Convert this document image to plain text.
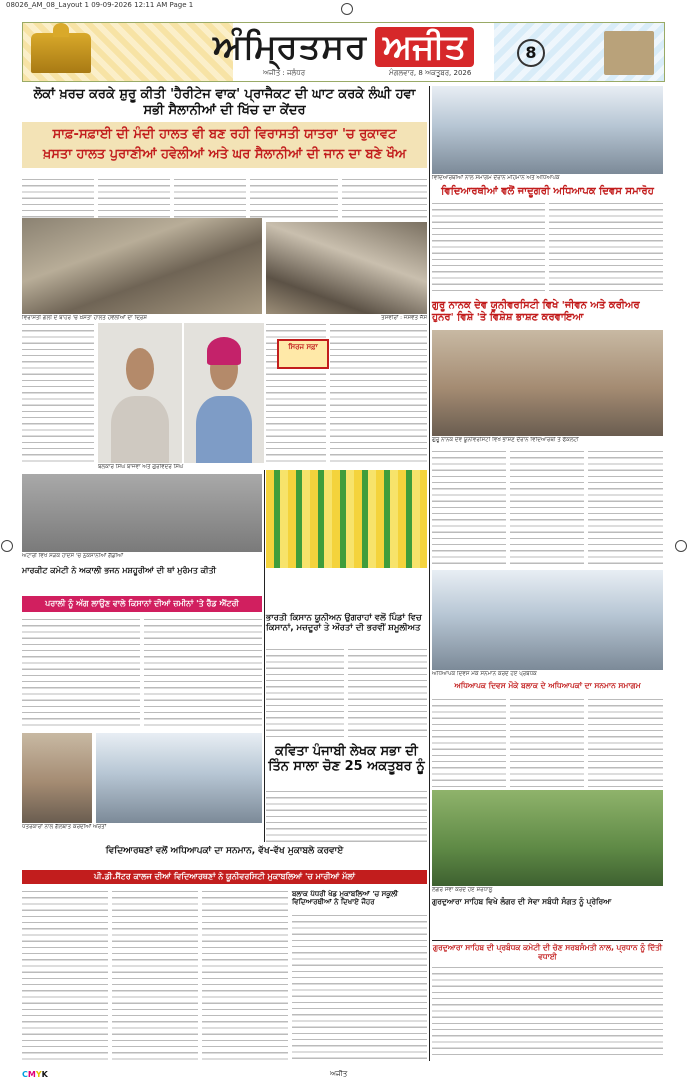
08026_AM_08_Layout 1 09-09-2026 12:11 AM Page 1
ਅੰਮ੍ਰਿਤਸਰ ਅਜੀਤ	8
ਅਜੀਤ : ਜਲੰਧਰ	ਮੰਗਲਵਾਰ, 8 ਅਕਤੂਬਰ, 2026
ਲੋਕਾਂ ਖ਼ਰਚ ਕਰਕੇ ਸ਼ੁਰੂ ਕੀਤੀ 'ਹੈਰੀਟੇਜ ਵਾਕ' ਪ੍ਰਾਜੈਕਟ ਦੀ ਘਾਟ ਕਰਕੇ ਲੰਘੀ ਹਵਾ ਸਭੀ ਸੈਲਾਨੀਆਂ ਦੀ ਖਿੱਚ ਦਾ ਕੇਂਦਰ
ਸਾਫ਼-ਸਫ਼ਾਈ ਦੀ ਮੰਦੀ ਹਾਲਤ ਵੀ ਬਣ ਰਹੀ ਵਿਰਾਸਤੀ ਯਾਤਰਾ 'ਚ ਰੁਕਾਵਟ
ਖ਼ਸਤਾ ਹਾਲਤ ਪੁਰਾਣੀਆਂ ਹਵੇਲੀਆਂ ਅਤੇ ਘਰ ਸੈਲਾਨੀਆਂ ਦੀ ਜਾਨ ਦਾ ਬਣੇ ਖੌਅ
ਵਿਰਾਸਤੀ ਗਲੀ ਦੇ ਬਾਹਰ 'ਚ ਖ਼ਸਤਾ ਹਾਲਤ ਹਵੇਲੀਆਂ ਦਾ ਦ੍ਰਿਸ਼	ਤਸਵੀਰਾਂ : ਜਸਵੰਤ ਜੱਸ
ਬਲਕਾਰ ਸਿੰਘ ਬਾਜਵਾ ਅਤੇ ਗੁਰਵਿੰਦਰ ਸਿੰਘ
ਸਿਰਜ ਸਫ਼ਾ
ਅਟਾਰੀ ਵਿਖੇ ਸੜਕ ਹਾਦਸੇ 'ਚ ਨੁਕਸਾਨੀਆਂ ਗੱਡੀਆਂ
ਮਾਰਕੀਟ ਕਮੇਟੀ ਨੇ ਅਕਾਲੀ ਭਜਨ ਮਸ਼ਹੂਰੀਆਂ ਦੀ ਥਾਂ ਮੁਰੰਮਤ ਕੀਤੀ
ਪਰਾਲੀ ਨੂੰ ਅੱਗ ਲਾਉਣ ਵਾਲੇ ਕਿਸਾਨਾਂ ਦੀਆਂ ਜ਼ਮੀਨਾਂ 'ਤੇ ਰੈੱਡ ਐਂਟਰੀ
ਭਾਰਤੀ ਕਿਸਾਨ ਯੂਨੀਅਨ ਉਗਰਾਹਾਂ ਵਲੋਂ ਪਿੰਡਾਂ ਵਿਚ ਕਿਸਾਨਾਂ, ਮਜ਼ਦੂਰਾਂ ਤੇ ਔਰਤਾਂ ਦੀ ਭਰਵੀਂ ਸ਼ਮੂਲੀਅਤ
ਪੱਤਰਕਾਰਾਂ ਨਾਲ ਗੱਲਬਾਤ ਕਰਦੀਆਂ ਔਰਤਾਂ
ਕਵਿਤਾ ਪੰਜਾਬੀ ਲੇਖਕ ਸਭਾ ਦੀ ਤਿੰਨ ਸਾਲਾ ਚੋਣ 25 ਅਕਤੂਬਰ ਨੂੰ
ਵਿਦਿਆਰਥਣਾਂ ਵਲੋਂ ਅਧਿਆਪਕਾਂ ਦਾ ਸਨਮਾਨ, ਵੱਖ-ਵੱਖ ਮੁਕਾਬਲੇ ਕਰਵਾਏ
ਪੀ.ਡੀ.ਸੈਂਟਰ ਕਾਲਜ ਦੀਆਂ ਵਿਦਿਆਰਥਣਾਂ ਨੇ ਯੂਨੀਵਰਸਿਟੀ ਮੁਕਾਬਲਿਆਂ 'ਚ ਮਾਰੀਆਂ ਮੱਲਾਂ
ਬਲਾਕ ਪੱਧਰੀ ਖੇਡ ਮੁਕਾਬਲਿਆਂ 'ਚ ਸਕੂਲੀ ਵਿਦਿਆਰਥੀਆਂ ਨੇ ਦਿਖਾਏ ਜੌਹਰ
ਵਿਦਿਆਰਥੀਆਂ ਨਾਲ ਸਮਾਗਮ ਦੌਰਾਨ ਮਹਿਮਾਨ ਅਤੇ ਅਧਿਆਪਕ
ਵਿਦਿਆਰਥੀਆਂ ਵਲੋਂ ਜਾਦੂਗਰੀ ਅਧਿਆਪਕ ਦਿਵਸ ਸਮਾਰੋਹ
ਗੁਰੂ ਨਾਨਕ ਦੇਵ ਯੂਨੀਵਰਸਿਟੀ ਵਿਖੇ 'ਜੀਵਨ ਅਤੇ ਕਰੀਅਰ ਹੁਨਰ' ਵਿਸ਼ੇ 'ਤੇ ਵਿਸ਼ੇਸ਼ ਭਾਸ਼ਣ ਕਰਵਾਇਆ
ਗੁਰੂ ਨਾਨਕ ਦੇਵ ਯੂਨੀਵਰਸਿਟੀ ਵਿਖੇ ਭਾਸ਼ਣ ਦੌਰਾਨ ਵਿਦਿਆਰਥੀ ਤੇ ਫੈਕਲਟੀ
ਅਧਿਆਪਕ ਦਿਵਸ ਮੌਕੇ ਸਨਮਾਨ ਕਰਦੇ ਹੋਏ ਪ੍ਰਬੰਧਕ
ਅਧਿਆਪਕ ਦਿਵਸ ਮੌਕੇ ਬਲਾਕ ਦੇ ਅਧਿਆਪਕਾਂ ਦਾ ਸਨਮਾਨ ਸਮਾਗਮ
ਲੰਗਰ ਸੇਵਾ ਕਰਦੇ ਹੋਏ ਸ਼ਰਧਾਲੂ
ਗੁਰਦੁਆਰਾ ਸਾਹਿਬ ਵਿਖੇ ਲੰਗਰ ਦੀ ਸੇਵਾ ਸਬੰਧੀ ਸੰਗਤ ਨੂੰ ਪ੍ਰੇਰਿਆ
ਗੁਰਦੁਆਰਾ ਸਾਹਿਬ ਦੀ ਪ੍ਰਬੰਧਕ ਕਮੇਟੀ ਦੀ ਚੋਣ ਸਰਬਸੰਮਤੀ ਨਾਲ, ਪ੍ਰਧਾਨ ਨੂੰ ਦਿੱਤੀ ਵਧਾਈ
CMYK	ਅਜੀਤ
